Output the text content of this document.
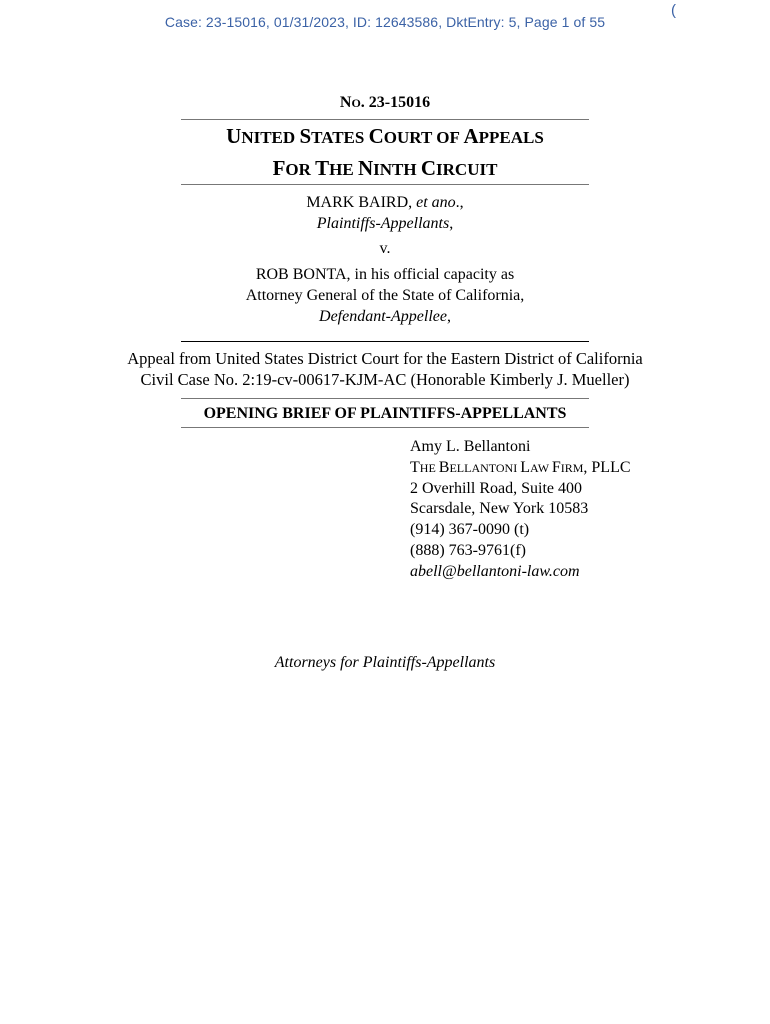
Case: 23-15016, 01/31/2023, ID: 12643586, DktEntry: 5, Page 1 of 55
(
NO. 23-15016
UNITED STATES COURT OF APPEALS
FOR THE NINTH CIRCUIT
MARK BAIRD, et ano.,
Plaintiffs-Appellants,
v.
ROB BONTA, in his official capacity as
Attorney General of the State of California,
Defendant-Appellee,
Appeal from United States District Court for the Eastern District of California
Civil Case No. 2:19-cv-00617-KJM-AC (Honorable Kimberly J. Mueller)
OPENING BRIEF OF PLAINTIFFS-APPELLANTS
Amy L. Bellantoni
THE BELLANTONI LAW FIRM, PLLC
2 Overhill Road, Suite 400
Scarsdale, New York 10583
(914) 367-0090 (t)
(888) 763-9761(f)
abell@bellantoni-law.com
Attorneys for Plaintiffs-Appellants
